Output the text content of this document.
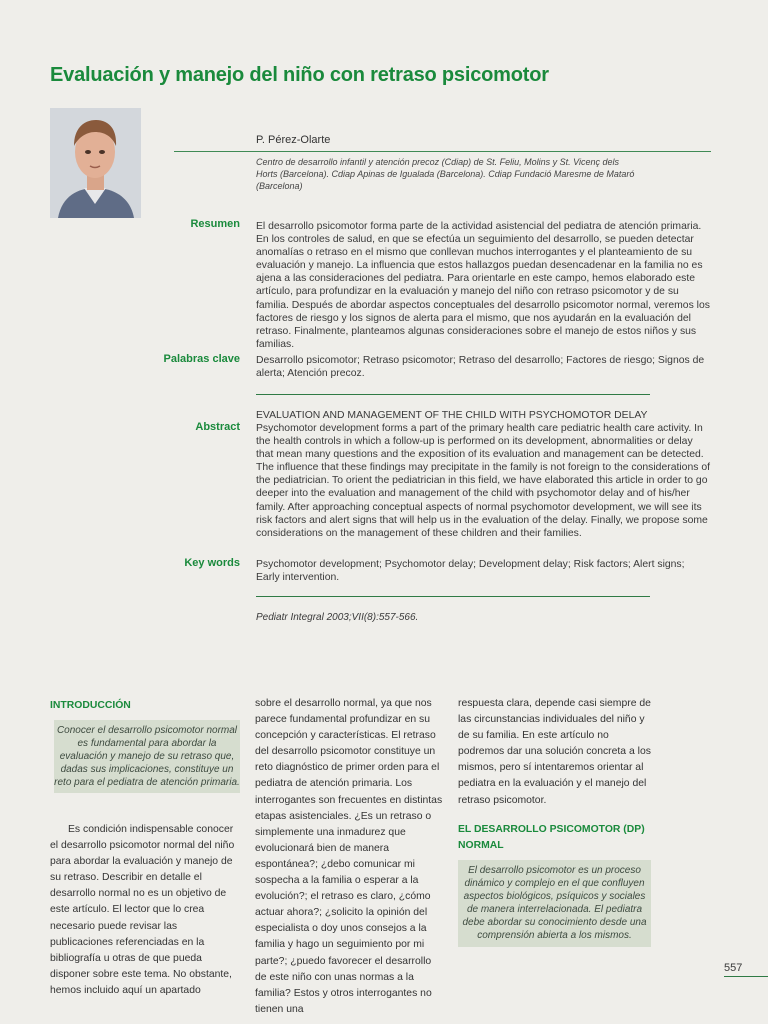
Evaluación y manejo del niño con retraso psicomotor
P. Pérez-Olarte
Centro de desarrollo infantil y atención precoz (Cdiap) de St. Feliu, Molins y St. Vicenç dels Horts (Barcelona). Cdiap Apinas de Igualada (Barcelona). Cdiap Fundació Maresme de Mataró (Barcelona)
Resumen El desarrollo psicomotor forma parte de la actividad asistencial del pediatra de atención primaria. En los controles de salud, en que se efectúa un seguimiento del desarrollo, se pueden detectar anomalías o retraso en el mismo que conllevan muchos interrogantes y el planteamiento de su evaluación y manejo. La influencia que estos hallazgos puedan desencadenar en la familia no es ajena a las consideraciones del pediatra. Para orientarle en este campo, hemos elaborado este artículo, para profundizar en la evaluación y manejo del niño con retraso psicomotor y de su familia. Después de abordar aspectos conceptuales del desarrollo psicomotor normal, veremos los factores de riesgo y los signos de alerta para el mismo, que nos ayudarán en la evaluación del retraso. Finalmente, planteamos algunas consideraciones sobre el manejo de estos niños y sus familias.
Palabras clave Desarrollo psicomotor; Retraso psicomotor; Retraso del desarrollo; Factores de riesgo; Signos de alerta; Atención precoz.
EVALUATION AND MANAGEMENT OF THE CHILD WITH PSYCHOMOTOR DELAY
Abstract Psychomotor development forms a part of the primary health care pediatric health care activity. In the health controls in which a follow-up is performed on its development, abnormalities or delay that mean many questions and the exposition of its evaluation and management can be detected. The influence that these findings may precipitate in the family is not foreign to the considerations of the pediatrician. To orient the pediatrician in this field, we have elaborated this article in order to go deeper into the evaluation and management of the child with psychomotor delay and of his/her family. After approaching conceptual aspects of normal psychomotor development, we will see its risk factors and alert signs that will help us in the evaluation of the delay. Finally, we propose some considerations on the management of these children and their families.
Key words Psychomotor development; Psychomotor delay; Development delay; Risk factors; Alert signs; Early intervention.
Pediatr Integral 2003;VII(8):557-566.
INTRODUCCIÓN
Conocer el desarrollo psicomotor normal es fundamental para abordar la evaluación y manejo de su retraso que, dadas sus implicaciones, constituye un reto para el pediatra de atención primaria.
Es condición indispensable conocer el desarrollo psicomotor normal del niño para abordar la evaluación y manejo de su retraso. Describir en detalle el desarrollo normal no es un objetivo de este artículo. El lector que lo crea necesario puede revisar las publicaciones referenciadas en la bibliografía u otras de que pueda disponer sobre este tema. No obstante, hemos incluido aquí un apartado
sobre el desarrollo normal, ya que nos parece fundamental profundizar en su concepción y características. El retraso del desarrollo psicomotor constituye un reto diagnóstico de primer orden para el pediatra de atención primaria. Los interrogantes son frecuentes en distintas etapas asistenciales. ¿Es un retraso o simplemente una inmadurez que evolucionará bien de manera espontánea?; ¿debo comunicar mi sospecha a la familia o esperar a la evolución?; el retraso es claro, ¿cómo actuar ahora?; ¿solicito la opinión del especialista o doy unos consejos a la familia y hago un seguimiento por mi parte?; ¿puedo favorecer el desarrollo de este niño con unas normas a la familia? Estos y otros interrogantes no tienen una
respuesta clara, depende casi siempre de las circunstancias individuales del niño y de su familia. En este artículo no podremos dar una solución concreta a los mismos, pero sí intentaremos orientar al pediatra en la evaluación y el manejo del retraso psicomotor.
EL DESARROLLO PSICOMOTOR (DP) NORMAL
El desarrollo psicomotor es un proceso dinámico y complejo en el que confluyen aspectos biológicos, psíquicos y sociales de manera interrelacionada. El pediatra debe abordar su conocimiento desde una comprensión abierta a los mismos.
557
